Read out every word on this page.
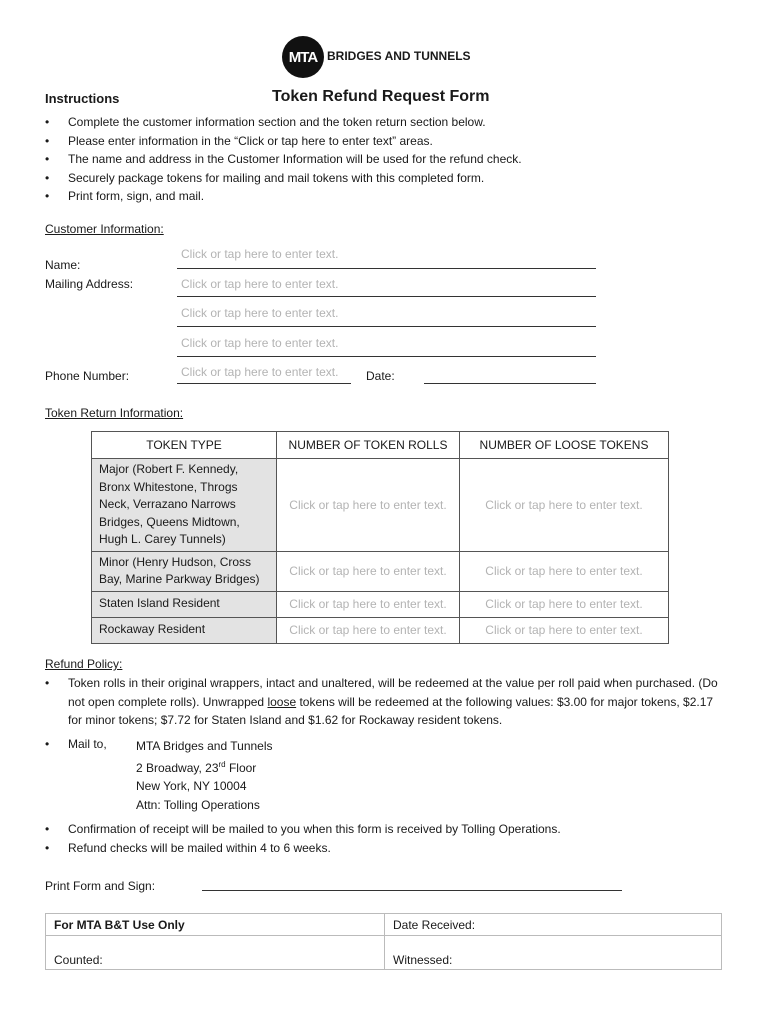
MTA BRIDGES AND TUNNELS
Instructions	Token Refund Request Form
• Complete the customer information section and the token return section below.
• Please enter information in the “Click or tap here to enter text” areas.
• The name and address in the Customer Information will be used for the refund check.
• Securely package tokens for mailing and mail tokens with this completed form.
• Print form, sign, and mail.
Customer Information:
Name:
Click or tap here to enter text.
Mailing Address:	Click or tap here to enter text.
Click or tap here to enter text.
Click or tap here to enter text.
Phone Number:	Click or tap here to enter text. Date:
Token Return Information:
TOKEN TYPE	NUMBER OF TOKEN ROLLS	NUMBER OF LOOSE TOKENS
Major (Robert F. Kennedy, Bronx Whitestone, Throgs Neck, Verrazano Narrows Bridges, Queens Midtown, Hugh L. Carey Tunnels)	Click or tap here to enter text.	Click or tap here to enter text.
Minor (Henry Hudson, Cross Bay, Marine Parkway Bridges)	Click or tap here to enter text.	Click or tap here to enter text.
Staten Island Resident	Click or tap here to enter text.	Click or tap here to enter text.
Rockaway Resident	Click or tap here to enter text.	Click or tap here to enter text.
Refund Policy:
• Token rolls in their original wrappers, intact and unaltered, will be redeemed at the value per roll paid when purchased. (Do not open complete rolls). Unwrapped loose tokens will be redeemed at the following values: $3.00 for major tokens, $2.17 for minor tokens; $7.72 for Staten Island and $1.62 for Rockaway resident tokens.
•	Mail to, MTA Bridges and Tunnels
2 Broadway, 23rd Floor
New York, NY 10004
Attn: Tolling Operations
• Confirmation of receipt will be mailed to you when this form is received by Tolling Operations.
• Refund checks will be mailed within 4 to 6 weeks.
Print Form and Sign:
For MTA B&T Use Only	Date Received:
Counted:	Witnessed:
